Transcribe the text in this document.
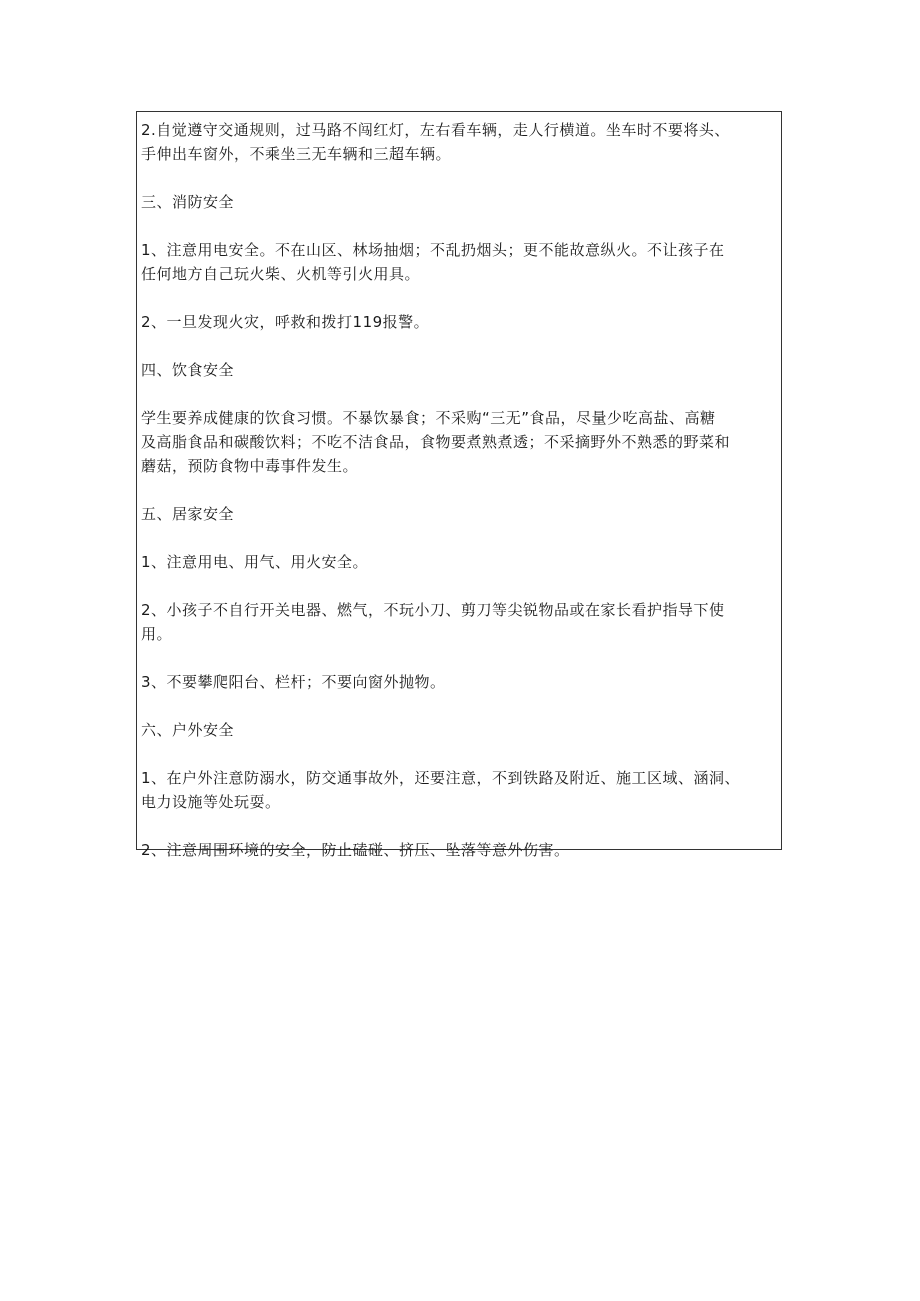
2.自觉遵守交通规则，过马路不闯红灯，左右看车辆，走人行横道。坐车时不要将头、
手伸出车窗外，不乘坐三无车辆和三超车辆。

三、消防安全

1、注意用电安全。不在山区、林场抽烟；不乱扔烟头；更不能故意纵火。不让孩子在
任何地方自己玩火柴、火机等引火用具。

2、一旦发现火灾，呼救和拨打119报警。

四、饮食安全

学生要养成健康的饮食习惯。不暴饮暴食；不采购“三无”食品，尽量少吃高盐、高糖
及高脂食品和碳酸饮料；不吃不洁食品，食物要煮熟煮透；不采摘野外不熟悉的野菜和
蘑菇，预防食物中毒事件发生。

五、居家安全

1、注意用电、用气、用火安全。

2、小孩子不自行开关电器、燃气，不玩小刀、剪刀等尖锐物品或在家长看护指导下使
用。

3、不要攀爬阳台、栏杆；不要向窗外抛物。

六、户外安全

1、在户外注意防溺水，防交通事故外，还要注意，不到铁路及附近、施工区域、涵洞、
电力设施等处玩耍。

2、注意周围环境的安全，防止磕碰、挤压、坠落等意外伤害。
